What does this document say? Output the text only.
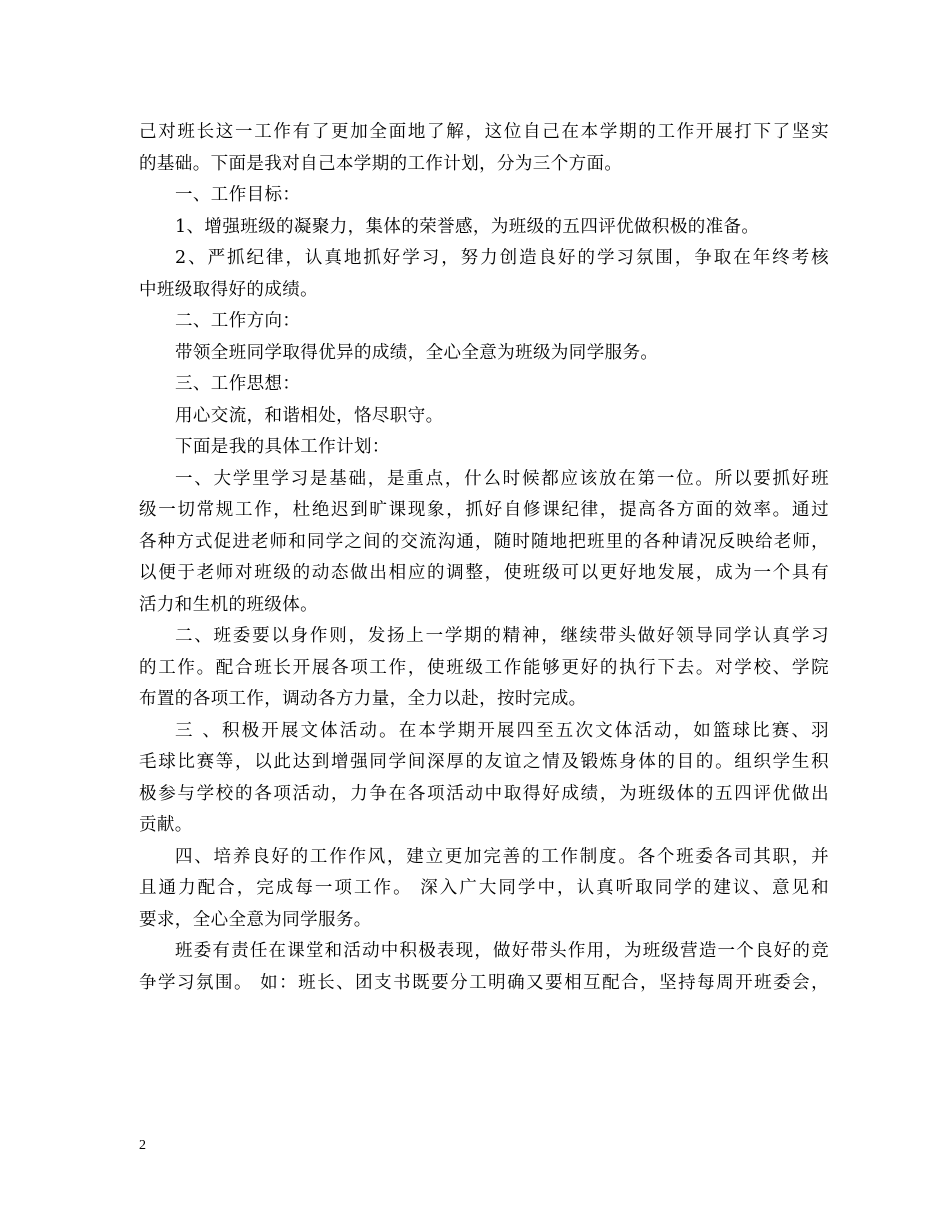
己对班长这一工作有了更加全面地了解，这位自己在本学期的工作开展打下了坚实
的基础。下面是我对自己本学期的工作计划，分为三个方面。
一、工作目标：
1、增强班级的凝聚力，集体的荣誉感，为班级的五四评优做积极的准备。
2、严抓纪律，认真地抓好学习，努力创造良好的学习氛围，争取在年终考核
中班级取得好的成绩。
二、工作方向：
带领全班同学取得优异的成绩，全心全意为班级为同学服务。
三、工作思想：
用心交流，和谐相处，恪尽职守。
下面是我的具体工作计划：
一、大学里学习是基础，是重点，什么时候都应该放在第一位。所以要抓好班
级一切常规工作，杜绝迟到旷课现象，抓好自修课纪律，提高各方面的效率。通过
各种方式促进老师和同学之间的交流沟通，随时随地把班里的各种请况反映给老师，
以便于老师对班级的动态做出相应的调整，使班级可以更好地发展，成为一个具有
活力和生机的班级体。
二、班委要以身作则，发扬上一学期的精神，继续带头做好领导同学认真学习
的工作。配合班长开展各项工作，使班级工作能够更好的执行下去。对学校、学院
布置的各项工作，调动各方力量，全力以赴，按时完成。
三 、积极开展文体活动。在本学期开展四至五次文体活动，如篮球比赛、羽
毛球比赛等，以此达到增强同学间深厚的友谊之情及锻炼身体的目的。组织学生积
极参与学校的各项活动，力争在各项活动中取得好成绩，为班级体的五四评优做出
贡献。
四、培养良好的工作作风，建立更加完善的工作制度。各个班委各司其职，并
且通力配合，完成每一项工作。 深入广大同学中，认真听取同学的建议、意见和
要求，全心全意为同学服务。
班委有责任在课堂和活动中积极表现，做好带头作用，为班级营造一个良好的竞
争学习氛围。 如：班长、团支书既要分工明确又要相互配合，坚持每周开班委会，
2
